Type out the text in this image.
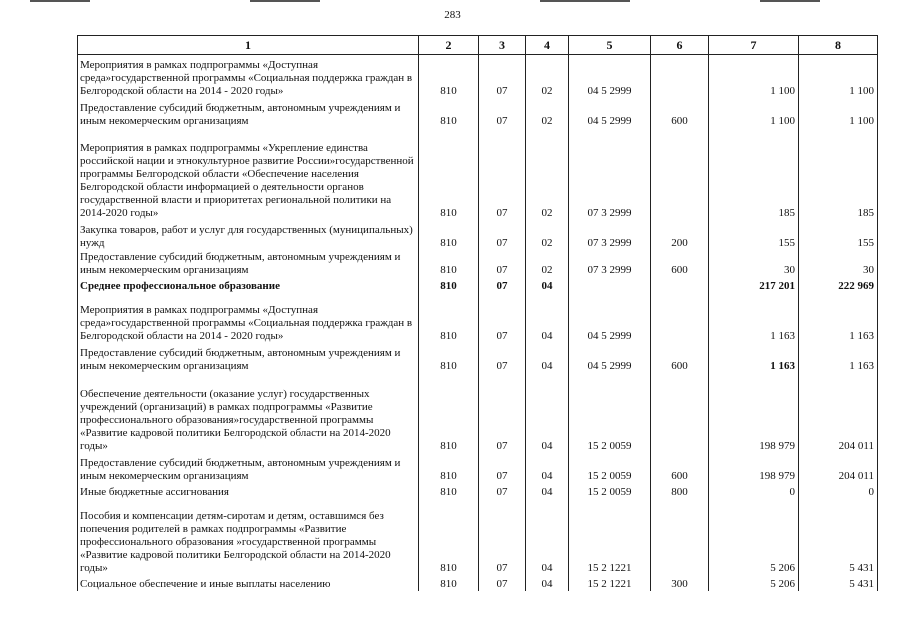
283
1	2	3	4	5	6	7	8
Мероприятия в рамках подпрограммы «Доступная среда»государственной программы «Социальная поддержка граждан в Белгородской области на 2014 - 2020 годы»	810	07	02	04 5 2999		1 100	1 100
Предоставление субсидий бюджетным, автономным учреждениям и иным некомерческим организациям	810	07	02	04 5 2999	600	1 100	1 100
Мероприятия в рамках подпрограммы «Укрепление единства российской нации и этнокультурное развитие России»государственной программы Белгородской области «Обеспечение населения Белгородской области информацией о деятельности органов государственной власти и приоритетах региональной политики на 2014-2020 годы»	810	07	02	07 3 2999		185	185
Закупка товаров, работ и услуг для государственных (муниципальных) нужд	810	07	02	07 3 2999	200	155	155
Предоставление субсидий бюджетным, автономным учреждениям и иным некомерческим организациям	810	07	02	07 3 2999	600	30	30
Среднее профессиональное образование	810	07	04			217 201	222 969
Мероприятия в рамках подпрограммы «Доступная среда»государственной программы «Социальная поддержка граждан в Белгородской области на 2014 - 2020 годы»	810	07	04	04 5 2999		1 163	1 163
Предоставление субсидий бюджетным, автономным учреждениям и иным некомерческим организациям	810	07	04	04 5 2999	600	1 163	1 163
Обеспечение деятельности (оказание услуг) государственных учреждений (организаций) в рамках подпрограммы «Развитие профессионального образования»государственной программы «Развитие кадровой политики Белгородской области на 2014-2020 годы»	810	07	04	15 2 0059		198 979	204 011
Предоставление субсидий бюджетным, автономным учреждениям и иным некомерческим организациям	810	07	04	15 2 0059	600	198 979	204 011
Иные бюджетные ассигнования	810	07	04	15 2 0059	800	0	0
Пособия и компенсации детям-сиротам и детям, оставшимся без попечения родителей в рамках подпрограммы «Развитие профессионального образования »государственной программы «Развитие кадровой политики Белгородской области на 2014-2020 годы»	810	07	04	15 2 1221		5 206	5 431
Социальное обеспечение и иные выплаты населению	810	07	04	15 2 1221	300	5 206	5 431
